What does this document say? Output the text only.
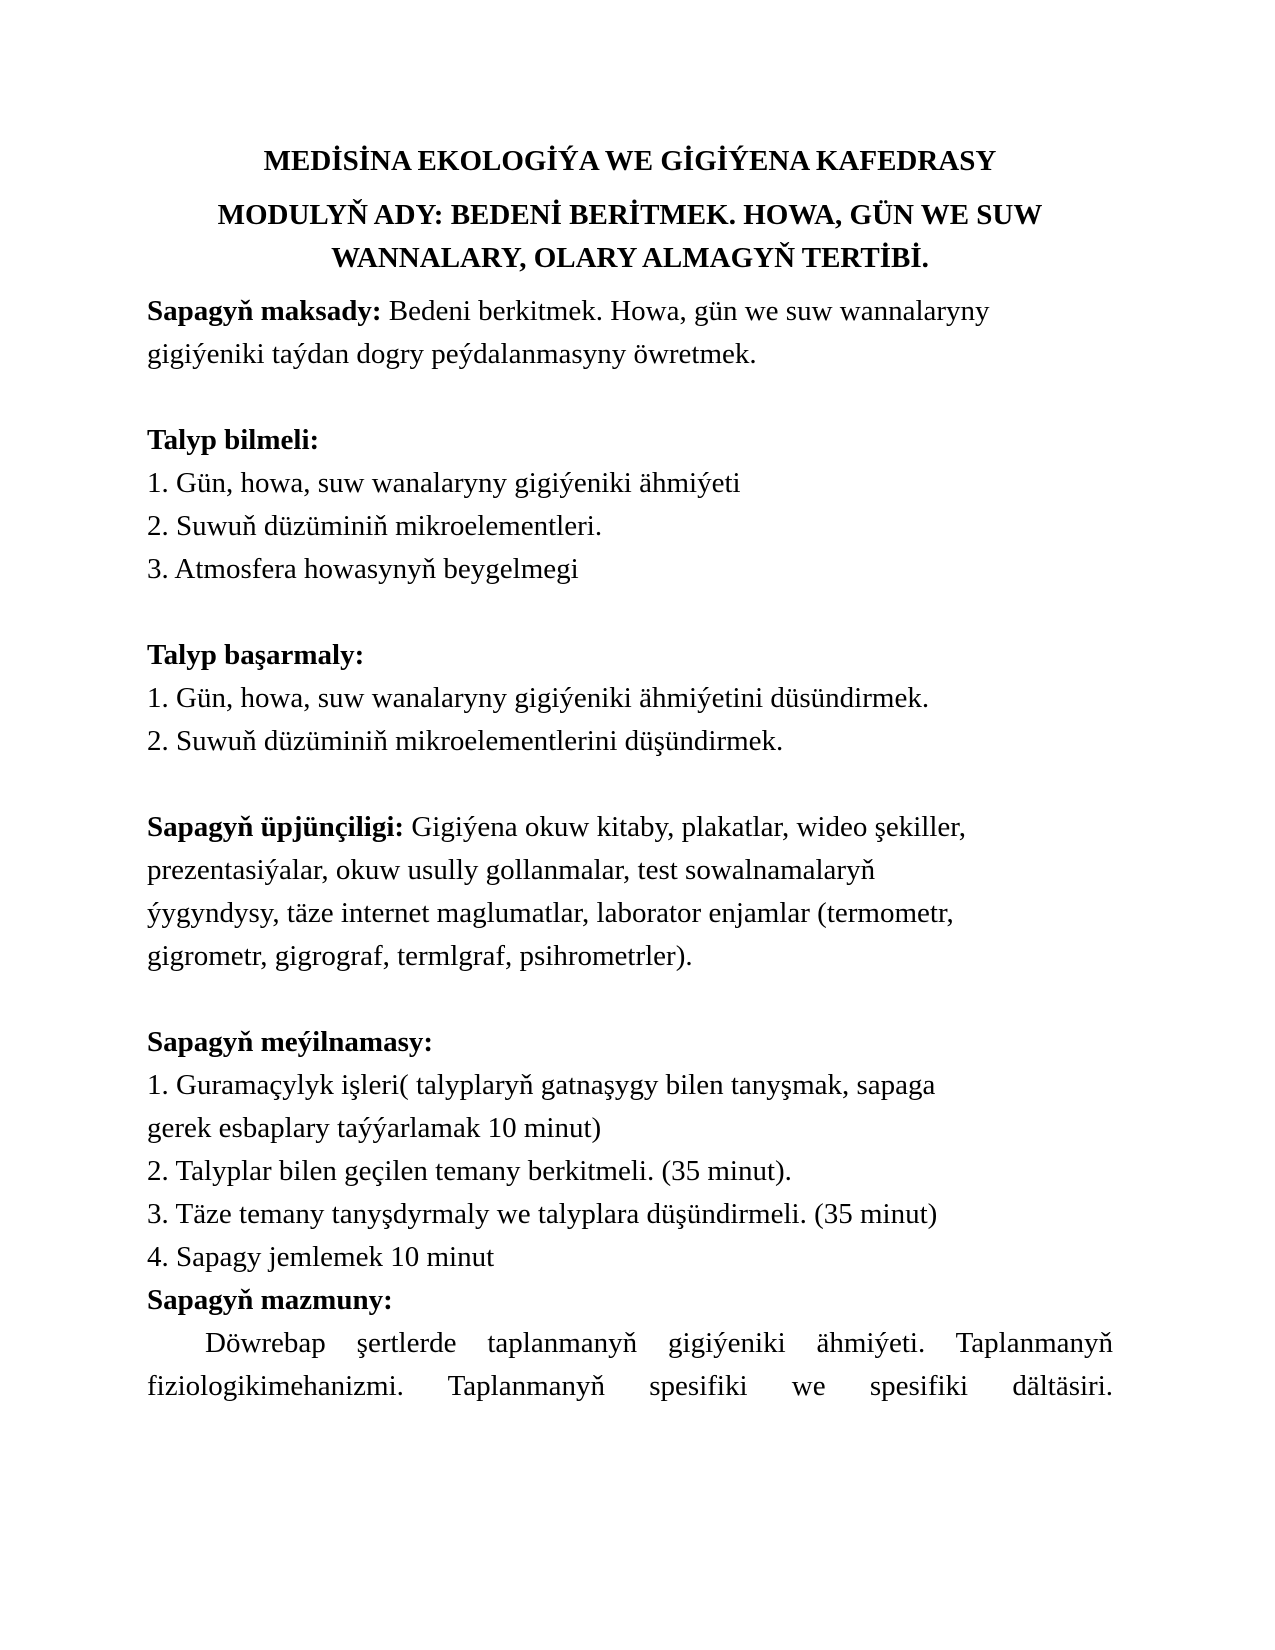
MEDİSİNA EKOLOGİÝA WE GİGİÝENA KAFEDRASY

MODULYŇ ADY: BEDENİ BERİTMEK. HOWA, GÜN WE SUW

WANNALARY, OLARY ALMAGYŇ TERTİBİ.

Sapagyň maksady: Bedeni berkitmek. Howa, gün we suw wannalaryny

gigiýeniki taýdan dogry peýdalanmasyny öwretmek.

Talyp bilmeli:

1. Gün, howa, suw wanalaryny gigiýeniki ähmiýeti

2. Suwuň düzüminiň mikroelementleri.

3. Atmosfera howasynyň beygelmegi

Talyp başarmaly:

1. Gün, howa, suw wanalaryny gigiýeniki ähmiýetini düsündirmek.

2. Suwuň düzüminiň mikroelementlerini düşündirmek.

Sapagyň üpjünçiligi: Gigiýena okuw kitaby, plakatlar, wideo şekiller,

prezentasiýalar, okuw usully gollanmalar, test sowalnamalaryň

ýygyndysy, täze internet maglumatlar, laborator enjamlar (termometr,

gigrometr, gigrograf, termlgraf, psihrometrler).

Sapagyň meýilnamasy:

1. Guramaçylyk işleri( talyplaryň gatnaşygy bilen tanyşmak, sapaga

gerek esbaplary taýýarlamak 10 minut)

2. Talyplar bilen geçilen temany berkitmeli. (35 minut).

3. Täze temany tanyşdyrmaly we talyplara düşündirmeli. (35 minut)

4. Sapagy jemlemek 10 minut

Sapagyň mazmuny:

Döwrebap şertlerde taplanmanyň gigiýeniki ähmiýeti. Taplanmanyň

fiziologikimehanizmi. Taplanmanyň spesifiki we spesifiki dältäsiri.
